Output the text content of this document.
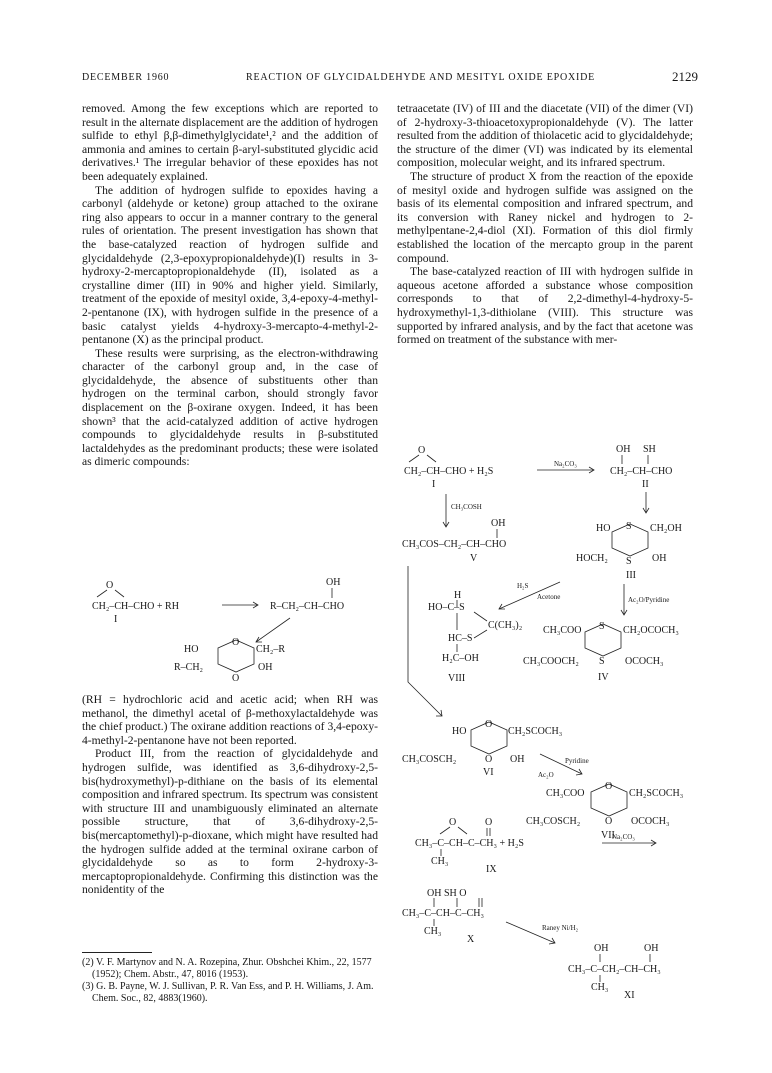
DECEMBER 1960	REACTION OF GLYCIDALDEHYDE AND MESITYL OXIDE EPOXIDE	2129

removed. Among the few exceptions which are reported to result in the alternate displacement are the addition of hydrogen sulfide to ethyl β,β-dimethylglycidate¹,² and the addition of ammonia and amines to certain β-aryl-substituted glycidic acid derivatives.¹ The irregular behavior of these epoxides has not been adequately explained.

The addition of hydrogen sulfide to epoxides having a carbonyl (aldehyde or ketone) group attached to the oxirane ring also appears to occur in a manner contrary to the general rules of orientation. The present investigation has shown that the base-catalyzed reaction of hydrogen sulfide and glycidaldehyde (2,3-epoxypropionaldehyde)(I) results in 3-hydroxy-2-mercaptopropionaldehyde (II), isolated as a crystalline dimer (III) in 90% and higher yield. Similarly, treatment of the epoxide of mesityl oxide, 3,4-epoxy-4-methyl-2-pentanone (IX), with hydrogen sulfide in the presence of a basic catalyst yields 4-hydroxy-3-mercapto-4-methyl-2-pentanone (X) as the principal product.

These results were surprising, as the electron-withdrawing character of the carbonyl group and, in the case of glycidaldehyde, the absence of substituents other than hydrogen on the terminal carbon, should strongly favor displacement on the β-oxirane oxygen. Indeed, it has been shown³ that the acid-catalyzed addition of active hydrogen compounds to glycidaldehyde results in β-substituted lactaldehydes as the predominant products; these were isolated as dimeric compounds:

(RH = hydrochloric acid and acetic acid; when RH was methanol, the dimethyl acetal of β-methoxylactaldehyde was the chief product.) The oxirane addition reactions of 3,4-epoxy-4-methyl-2-pentanone have not been reported.

Product III, from the reaction of glycidaldehyde and hydrogen sulfide, was identified as 3,6-dihydroxy-2,5-bis(hydroxymethyl)-p-dithiane on the basis of its elemental composition and infrared spectrum. Its spectrum was consistent with structure III and unambiguously eliminated an alternate possible structure, that of 3,6-dihydroxy-2,5-bis(mercaptomethyl)-p-dioxane, which might have resulted had the hydrogen sulfide added at the terminal oxirane carbon of glycidaldehyde so as to form 2-hydroxy-3-mercaptopropionaldehyde. Confirming this distinction was the nonidentity of the

(2) V. F. Martynov and N. A. Rozepina, Zhur. Obshchei Khim., 22, 1577 (1952); Chem. Abstr., 47, 8016 (1953).

(3) G. B. Payne, W. J. Sullivan, P. R. Van Ess, and P. H. Williams, J. Am. Chem. Soc., 82, 4883(1960).

tetraacetate (IV) of III and the diacetate (VII) of the dimer (VI) of 2-hydroxy-3-thioacetoxypropionaldehyde (V). The latter resulted from the addition of thiolacetic acid to glycidaldehyde; the structure of the dimer (VI) was indicated by its elemental composition, molecular weight, and its infrared spectrum.

The structure of product X from the reaction of the epoxide of mesityl oxide and hydrogen sulfide was assigned on the basis of its elemental composition and infrared spectrum, and its conversion with Raney nickel and hydrogen to 2-methylpentane-2,4-diol (XI). Formation of this diol firmly established the location of the mercapto group in the parent compound.

The base-catalyzed reaction of III with hydrogen sulfide in aqueous acetone afforded a substance whose composition corresponds to that of 2,2-dimethyl-4-hydroxy-5-hydroxymethyl-1,3-dithiolane (VIII). This structure was supported by infrared analysis, and by the fact that acetone was formed on treatment of the substance with mer-

O
CH₂–CH–CHO + RH
I
OH
R–CH₂–CH–CHO
O
O
HO	CH₂–R
R–CH₂	OH
O
CH₂–CH–CHO + H₂S
I
Na₂CO₃
OH SH
CH₂–CH–CHO
II
CH₃COSH
OH
CH₃COS–CH₂–CH–CHO
V
S
S
HO	CH₂OH
HOCH₂	OH
III
H₂S
Acetone	Ac₂O/Pyridine
H
HO–C–S
C(CH₃)₂
HC–S
H₂C–OH
VIII
S
S
CH₃COO	CH₂OCOCH₃
CH₃COOCH₂	OCOCH₃
IV
O
O
HO	CH₂SCOCH₃
CH₃COSCH₂	OH
VI
Pyridine
Ac₂O
O
O
CH₃COO	CH₂SCOCH₃
CH₃COSCH₂	OCOCH₃
VII
O	O
CH₃–C–CH–C–CH₃ + H₂S
CH₃
IX
Na₂CO₃
OH SH O
CH₃–C–CH–C–CH₃
CH₃
X
Raney Ni/H₂
OH	OH
CH₃–C–CH₂–CH–CH₃
CH₃
XI
